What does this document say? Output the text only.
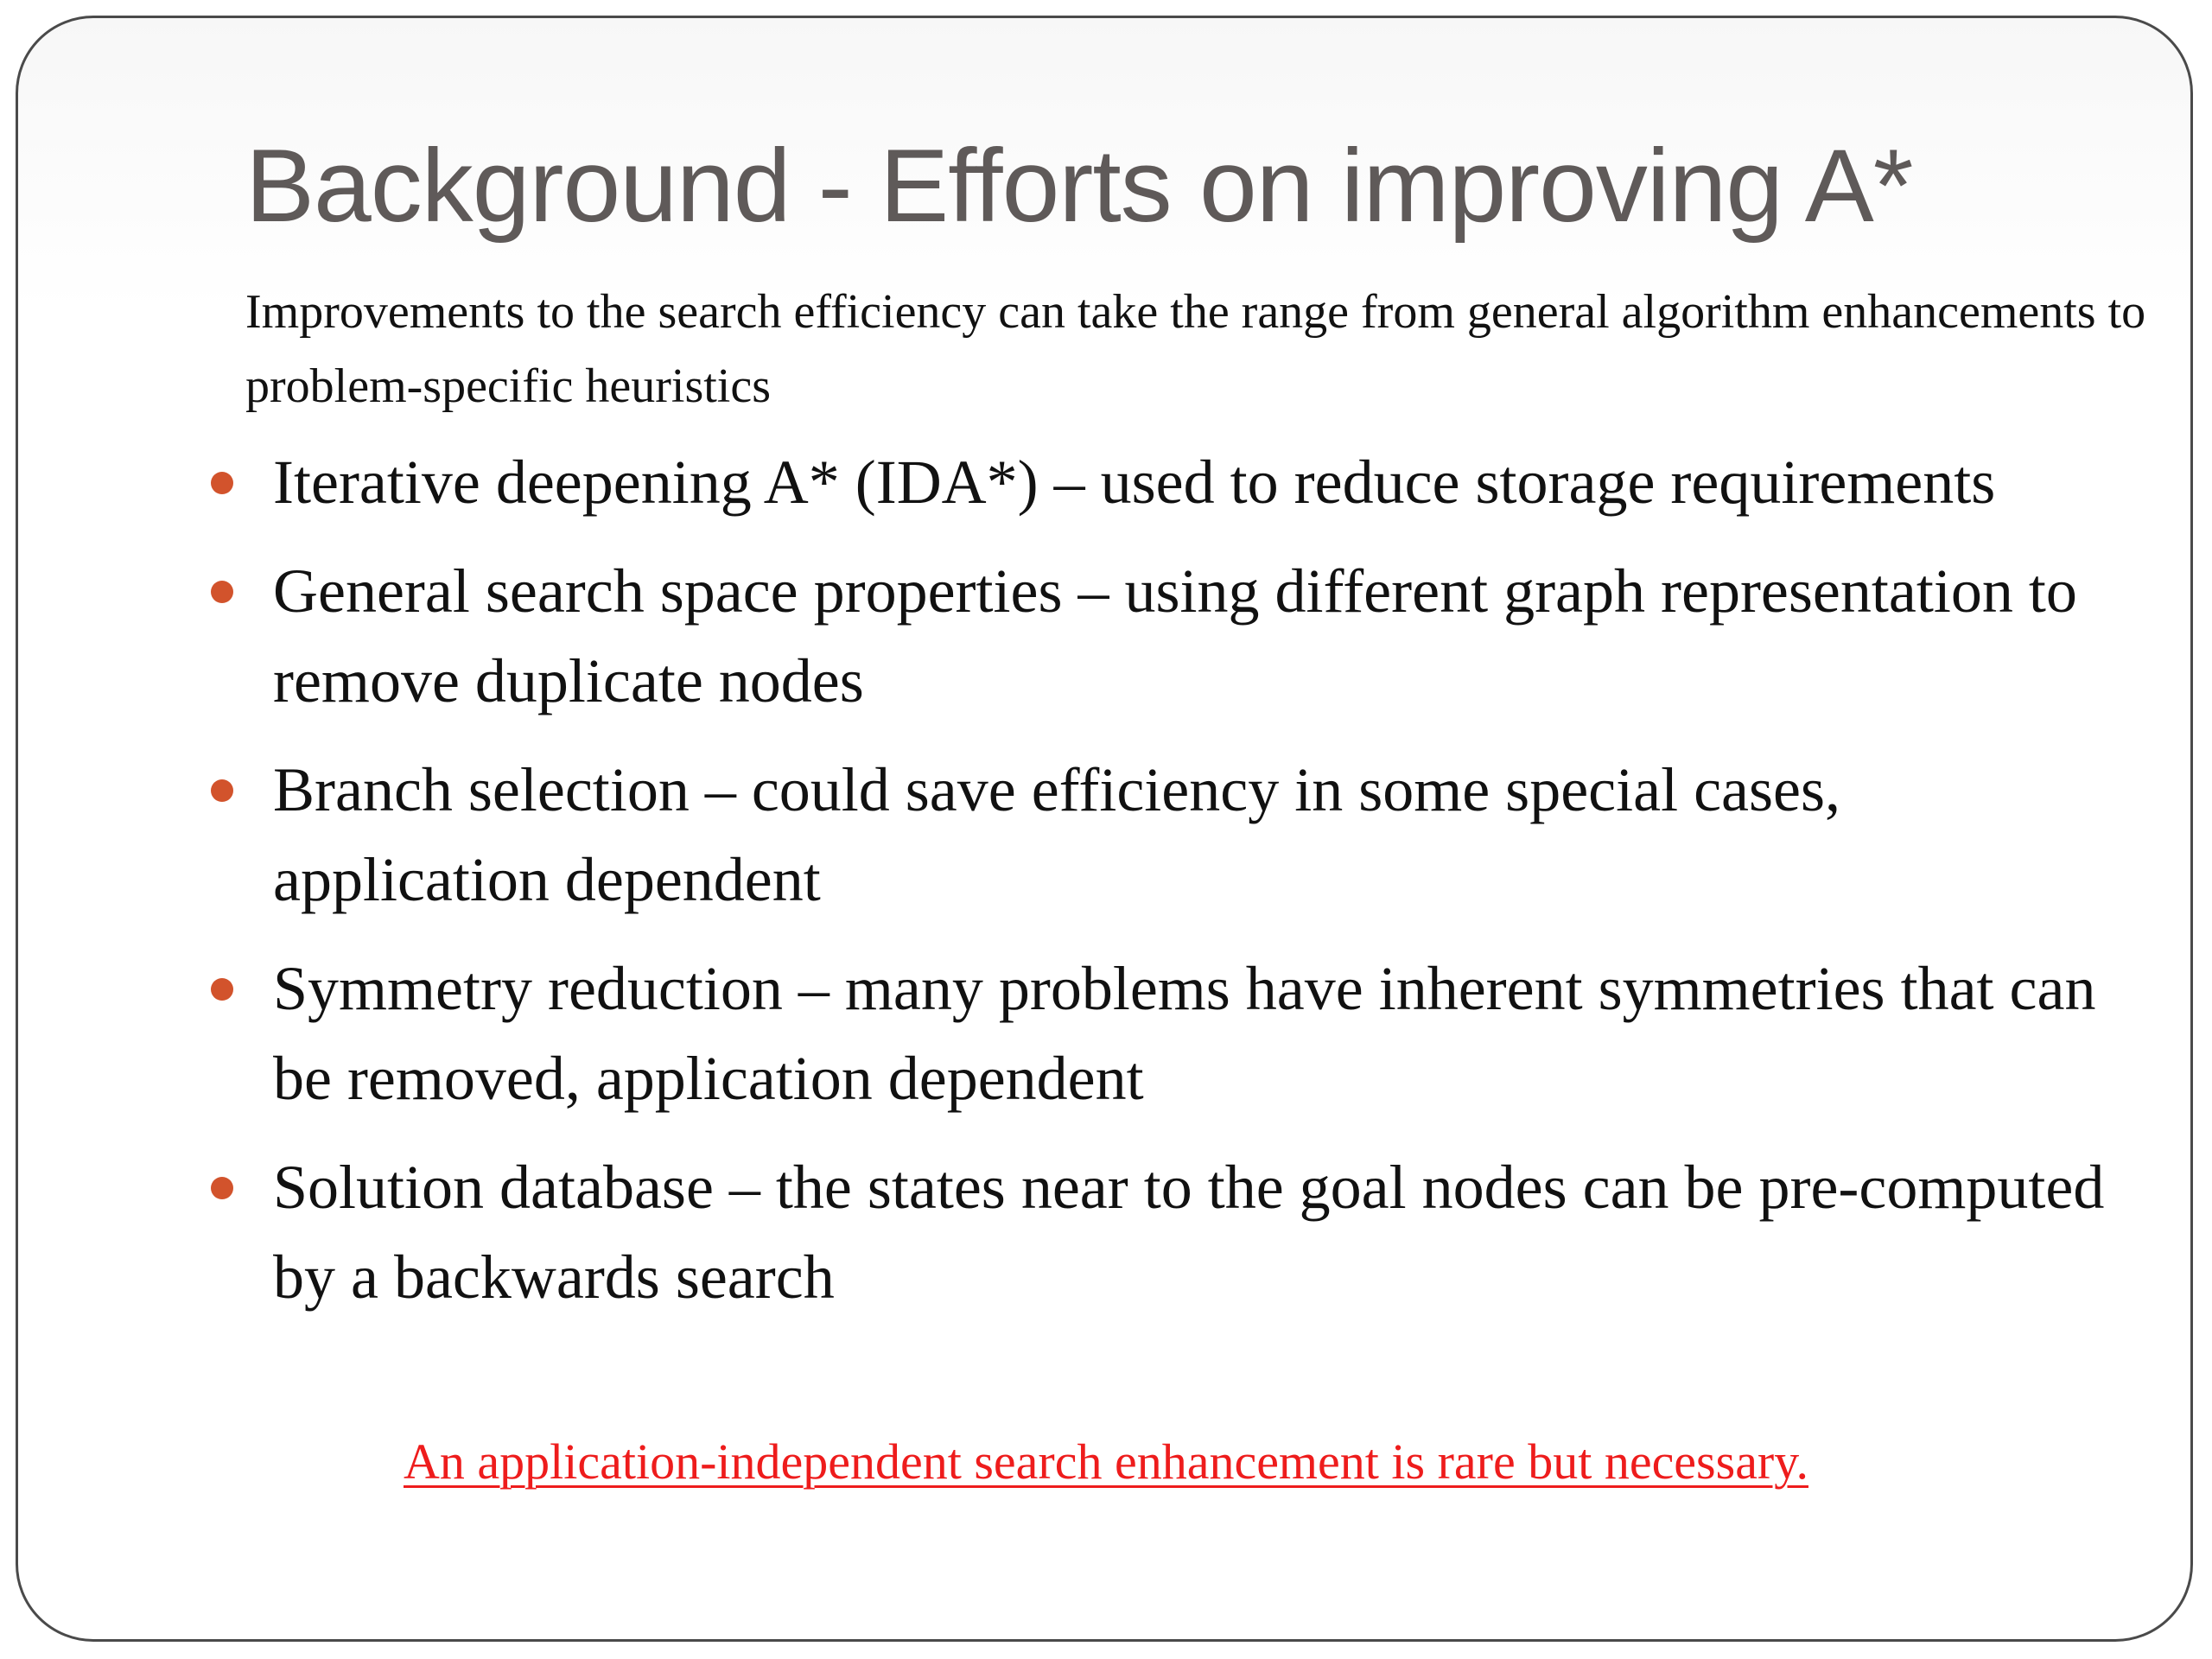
Background - Efforts on improving A*

Improvements to the search efficiency can take the range from general algorithm enhancements to problem-specific heuristics

Iterative deepening A* (IDA*) – used to reduce storage requirements
General search space properties – using different graph representation to remove duplicate nodes
Branch selection – could save efficiency in some special cases, application dependent
Symmetry reduction – many problems have inherent symmetries that can be removed, application dependent
Solution database – the states near to the goal nodes can be pre-computed by a backwards search

An application-independent search enhancement is rare but necessary.
